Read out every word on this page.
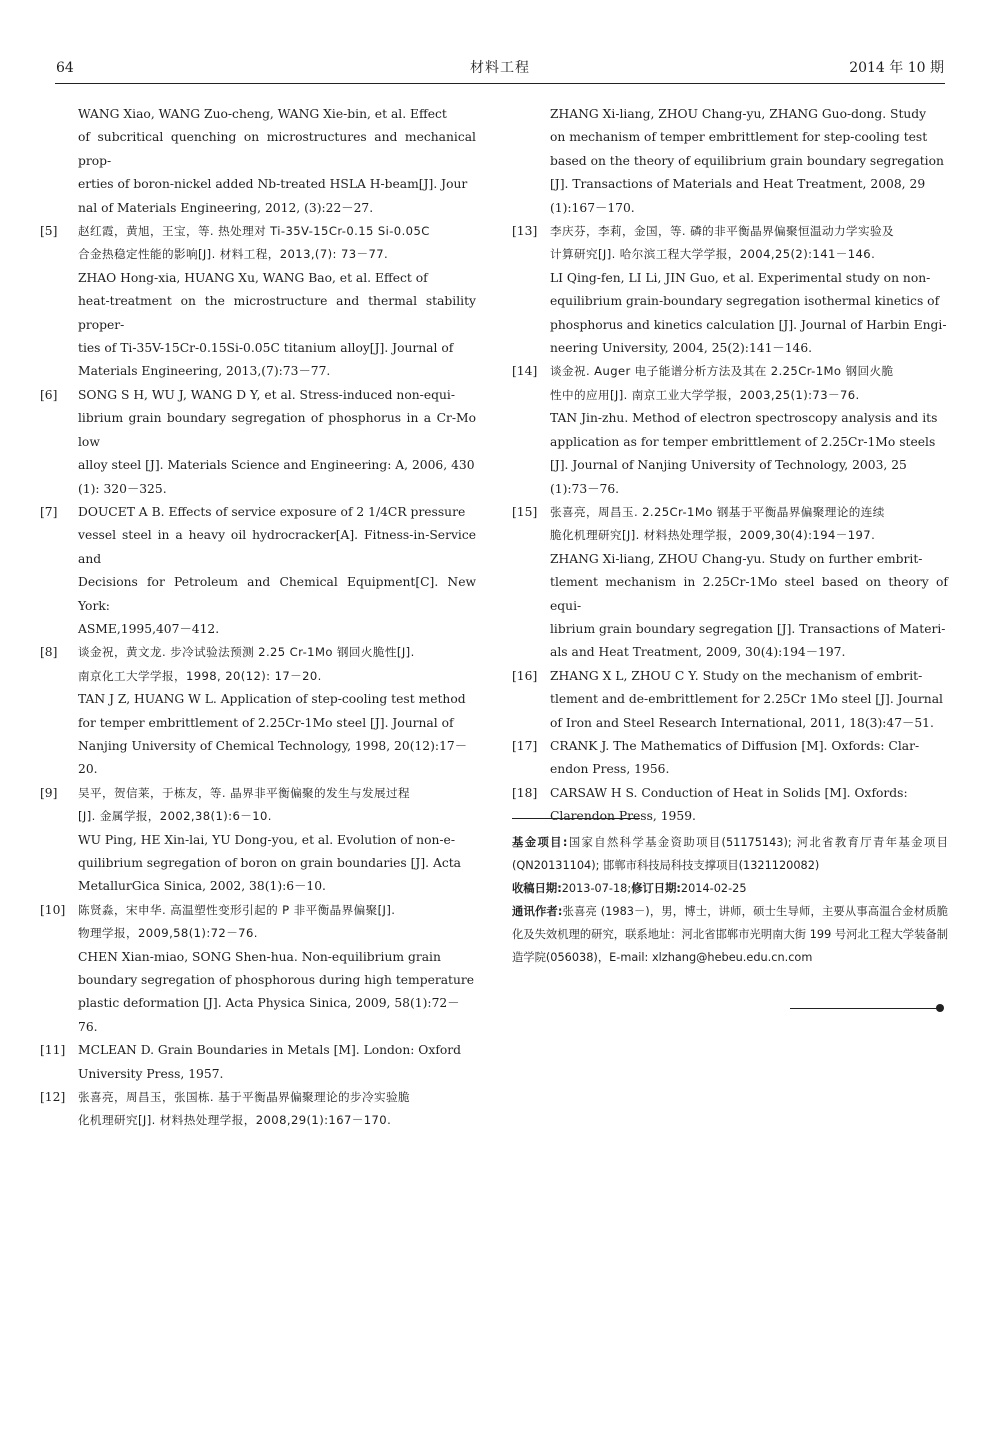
64	材料工程	2014 年 10 期
WANG Xiao, WANG Zuo-cheng, WANG Xie-bin, et al. Effect
of subcritical quenching on microstructures and mechanical prop-
erties of boron-nickel added Nb-treated HSLA H-beam[J]. Jour
nal of Materials Engineering, 2012, (3):22－27.
[5] 赵红霞，黄旭，王宝，等. 热处理对 Ti-35V-15Cr-0.15 Si-0.05C
合金热稳定性能的影响[J]. 材料工程，2013,(7): 73－77.
ZHAO Hong-xia, HUANG Xu, WANG Bao, et al. Effect of
heat-treatment on the microstructure and thermal stability proper-
ties of Ti-35V-15Cr-0.15Si-0.05C titanium alloy[J]. Journal of
Materials Engineering, 2013,(7):73－77.
[6] SONG S H, WU J, WANG D Y, et al. Stress-induced non-equi-
librium grain boundary segregation of phosphorus in a Cr-Mo low
alloy steel [J]. Materials Science and Engineering: A, 2006, 430
(1): 320－325.
[7] DOUCET A B. Effects of service exposure of 2 1/4CR pressure
vessel steel in a heavy oil hydrocracker[A]. Fitness-in-Service and
Decisions for Petroleum and Chemical Equipment[C]. New York:
ASME,1995,407－412.
[8] 谈金祝，黄文龙. 步冷试验法预测 2.25 Cr-1Mo 钢回火脆性[J].
南京化工大学学报，1998, 20(12): 17－20.
TAN J Z, HUANG W L. Application of step-cooling test method
for temper embrittlement of 2.25Cr-1Mo steel [J]. Journal of
Nanjing University of Chemical Technology, 1998, 20(12):17－
20.
[9] 吴平，贺信莱，于栋友，等. 晶界非平衡偏聚的发生与发展过程
[J]. 金属学报，2002,38(1):6－10.
WU Ping, HE Xin-lai, YU Dong-you, et al. Evolution of non-e-
quilibrium segregation of boron on grain boundaries [J]. Acta
MetallurGica Sinica, 2002, 38(1):6－10.
[10] 陈贤淼，宋申华. 高温塑性变形引起的 P 非平衡晶界偏聚[J].
物理学报，2009,58(1):72－76.
CHEN Xian-miao, SONG Shen-hua. Non-equilibrium grain
boundary segregation of phosphorous during high temperature
plastic deformation [J]. Acta Physica Sinica, 2009, 58(1):72－
76.
[11] MCLEAN D. Grain Boundaries in Metals [M]. London: Oxford
University Press, 1957.
[12] 张喜亮，周昌玉，张国栋. 基于平衡晶界偏聚理论的步冷实验脆
化机理研究[J]. 材料热处理学报，2008,29(1):167－170.
ZHANG Xi-liang, ZHOU Chang-yu, ZHANG Guo-dong. Study
on mechanism of temper embrittlement for step-cooling test
based on the theory of equilibrium grain boundary segregation
[J]. Transactions of Materials and Heat Treatment, 2008, 29
(1):167－170.
[13] 李庆芬，李莉，金国，等. 磷的非平衡晶界偏聚恒温动力学实验及
计算研究[J]. 哈尔滨工程大学学报，2004,25(2):141－146.
LI Qing-fen, LI Li, JIN Guo, et al. Experimental study on non-
equilibrium grain-boundary segregation isothermal kinetics of
phosphorus and kinetics calculation [J]. Journal of Harbin Engi-
neering University, 2004, 25(2):141－146.
[14] 谈金祝. Auger 电子能谱分析方法及其在 2.25Cr-1Mo 钢回火脆
性中的应用[J]. 南京工业大学学报，2003,25(1):73－76.
TAN Jin-zhu. Method of electron spectroscopy analysis and its
application as for temper embrittlement of 2.25Cr-1Mo steels
[J]. Journal of Nanjing University of Technology, 2003, 25
(1):73－76.
[15] 张喜亮，周昌玉. 2.25Cr-1Mo 钢基于平衡晶界偏聚理论的连续
脆化机理研究[J]. 材料热处理学报，2009,30(4):194－197.
ZHANG Xi-liang, ZHOU Chang-yu. Study on further embrit-
tlement mechanism in 2.25Cr-1Mo steel based on theory of equi-
librium grain boundary segregation [J]. Transactions of Materi-
als and Heat Treatment, 2009, 30(4):194－197.
[16] ZHANG X L, ZHOU C Y. Study on the mechanism of embrit-
tlement and de-embrittlement for 2.25Cr 1Mo steel [J]. Journal
of Iron and Steel Research International, 2011, 18(3):47－51.
[17] CRANK J. The Mathematics of Diffusion [M]. Oxfords: Clar-
endon Press, 1956.
[18] CARSAW H S. Conduction of Heat in Solids [M]. Oxfords:
Clarendon Press, 1959.
基金项目:国家自然科学基金资助项目(51175143); 河北省教育厅青年基金项目(QN20131104); 邯郸市科技局科技支撑项目(1321120082)
收稿日期:2013-07-18;修订日期:2014-02-25
通讯作者:张喜亮 (1983－)，男，博士，讲师，硕士生导师，主要从事高温合金材质脆化及失效机理的研究，联系地址：河北省邯郸市光明南大街 199 号河北工程大学装备制造学院(056038)，E-mail: xlzhang@hebeu.edu.cn.com
